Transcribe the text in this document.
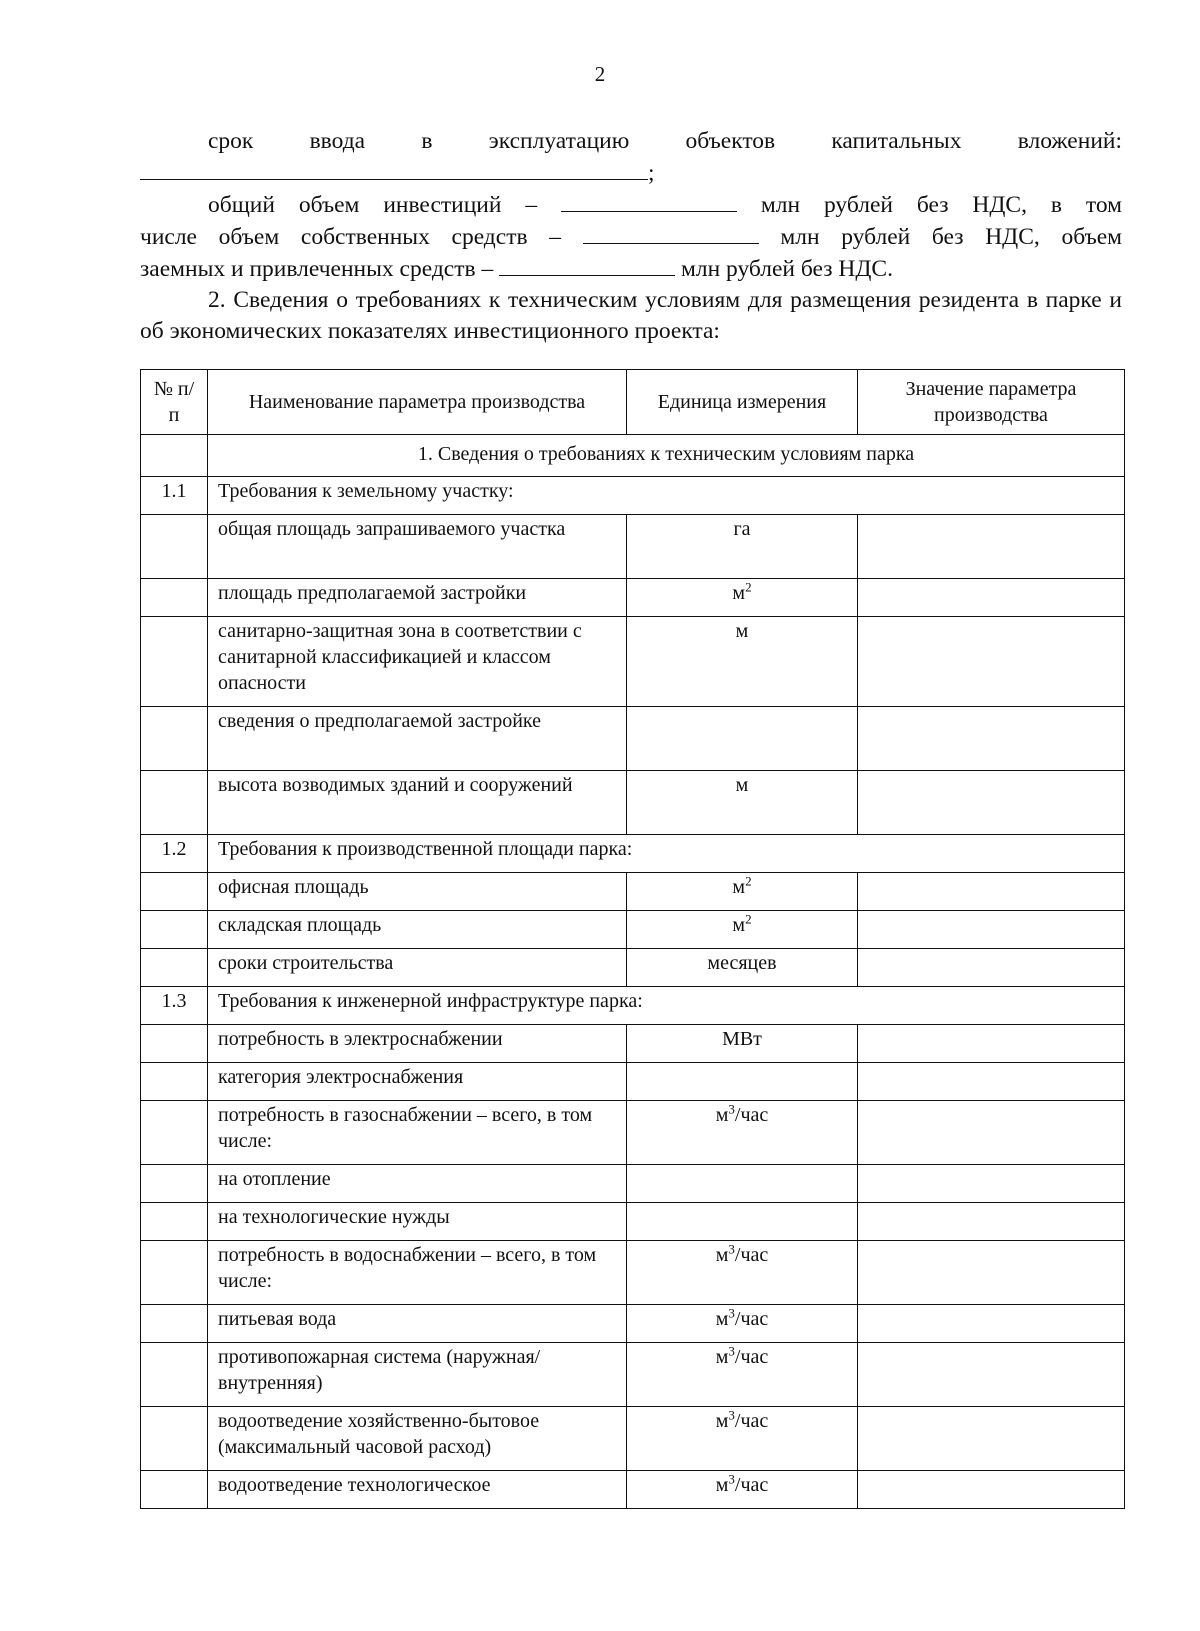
2
срок ввода в эксплуатацию объектов капитальных вложений:
;
общий объем инвестиций –	млн рублей без НДС, в том
числе объем собственных средств –	млн рублей без НДС, объем
заемных и привлеченных средств –	млн рублей без НДС.
2. Сведения о требованиях к техническим условиям для размещения резидента в парке и об экономических показателях инвестиционного проекта:
№ п/п	Наименование параметра производства	Единица измерения	Значение параметра производства
	1. Сведения о требованиях к техническим условиям парка		
1.1	Требования к земельному участку:		
	общая площадь запрашиваемого участка	га	
	площадь предполагаемой застройки	$м^2$	
	санитарно-защитная зона в соответствии с санитарной классификацией и классом опасности	м	
	сведения о предполагаемой застройке		
	высота возводимых зданий и сооружений	м	
1.2	Требования к производственной площади парка:		
	офисная площадь	$м^2$	
	складская площадь	$м^2$	
	сроки строительства	месяцев	
1.3	Требования к инженерной инфраструктуре парка:		
	потребность в электроснабжении	МВт	
	категория электроснабжения		
	потребность в газоснабжении – всего, в том числе:	$м^3$/час	
	на отопление		
	на технологические нужды		
	потребность в водоснабжении – всего, в том числе:	$м^3$/час	
	питьевая вода	$м^3$/час	
	противопожарная система (наружная/внутренняя)	$м^3$/час	
	водоотведение хозяйственно-бытовое (максимальный часовой расход)	$м^3$/час	
	водоотведение технологическое	$м^3$/час	
